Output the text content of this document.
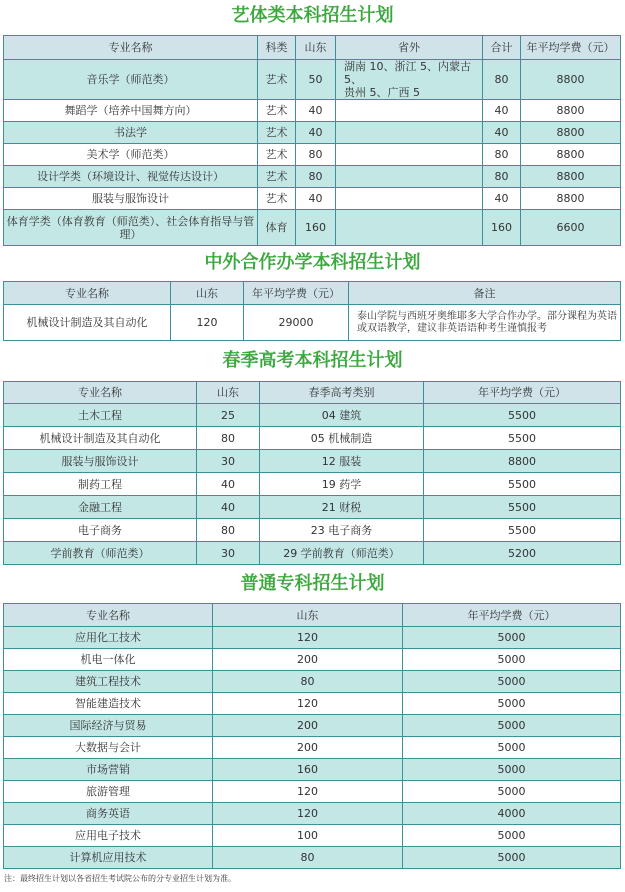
艺体类本科招生计划
专业名称	科类	山东	省外	合计	年平均学费（元）
音乐学（师范类）	艺术	50	湖南 10、浙江 5、内蒙古 5、
贵州 5、广西 5	80	8800
舞蹈学（培养中国舞方向）	艺术	40		40	8800
书法学	艺术	40		40	8800
美术学（师范类）	艺术	80		80	8800
设计学类（环境设计、视觉传达设计）	艺术	80		80	8800
服装与服饰设计	艺术	40		40	8800
体育学类（体育教育（师范类）、社会体育指导与管理）	体育	160		160	6600
中外合作办学本科招生计划
专业名称	山东	年平均学费（元）	备注
机械设计制造及其自动化	120	29000	泰山学院与西班牙奥维耶多大学合作办学。部分课程为英语或双语教学，建议非英语语种考生谨慎报考
春季高考本科招生计划
专业名称	山东	春季高考类别	年平均学费（元）
土木工程	25	04 建筑	5500
机械设计制造及其自动化	80	05 机械制造	5500
服装与服饰设计	30	12 服装	8800
制药工程	40	19 药学	5500
金融工程	40	21 财税	5500
电子商务	80	23 电子商务	5500
学前教育（师范类）	30	29 学前教育（师范类）	5200
普通专科招生计划
专业名称	山东	年平均学费（元）
应用化工技术	120	5000
机电一体化	200	5000
建筑工程技术	80	5000
智能建造技术	120	5000
国际经济与贸易	200	5000
大数据与会计	200	5000
市场营销	160	5000
旅游管理	120	5000
商务英语	120	4000
应用电子技术	100	5000
计算机应用技术	80	5000
注：最终招生计划以各省招生考试院公布的分专业招生计划为准。
